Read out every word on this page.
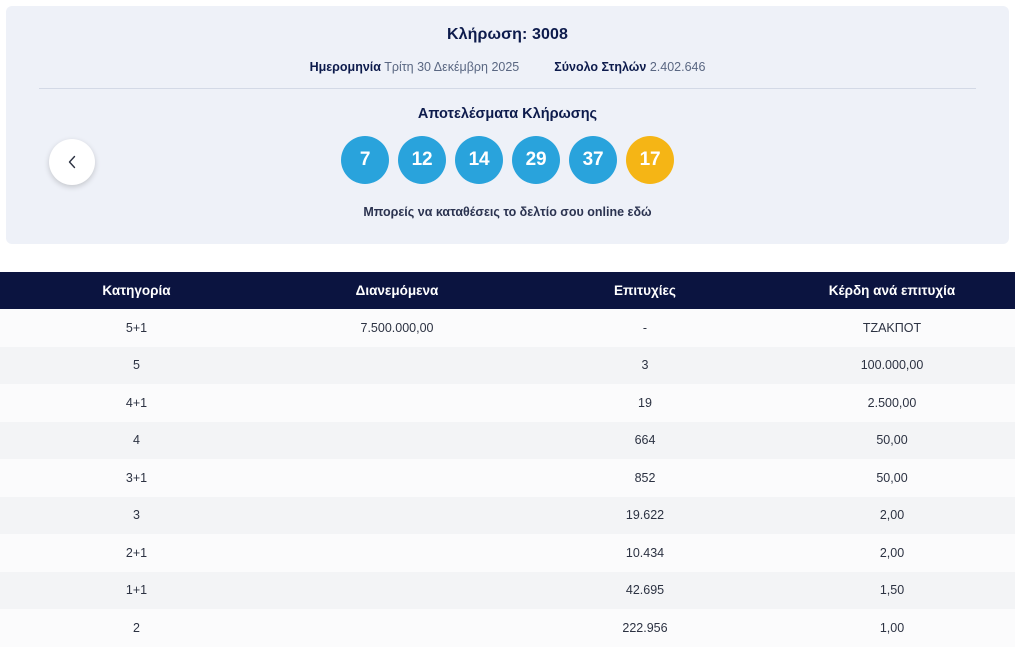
Κλήρωση: 3008
Ημερομηνία Τρίτη 30 Δεκέμβρη 2025	Σύνολο Στηλών 2.402.646
Αποτελέσματα Κλήρωσης
7	12	14	29	37	17
Μπορείς να καταθέσεις το δελτίο σου online εδώ
Κατηγορία	Διανεμόμενα	Επιτυχίες	Κέρδη ανά επιτυχία
5+1	7.500.000,00	-	ΤΖΑΚΠΟΤ
5		3	100.000,00
4+1		19	2.500,00
4		664	50,00
3+1		852	50,00
3		19.622	2,00
2+1		10.434	2,00
1+1		42.695	1,50
2		222.956	1,00
